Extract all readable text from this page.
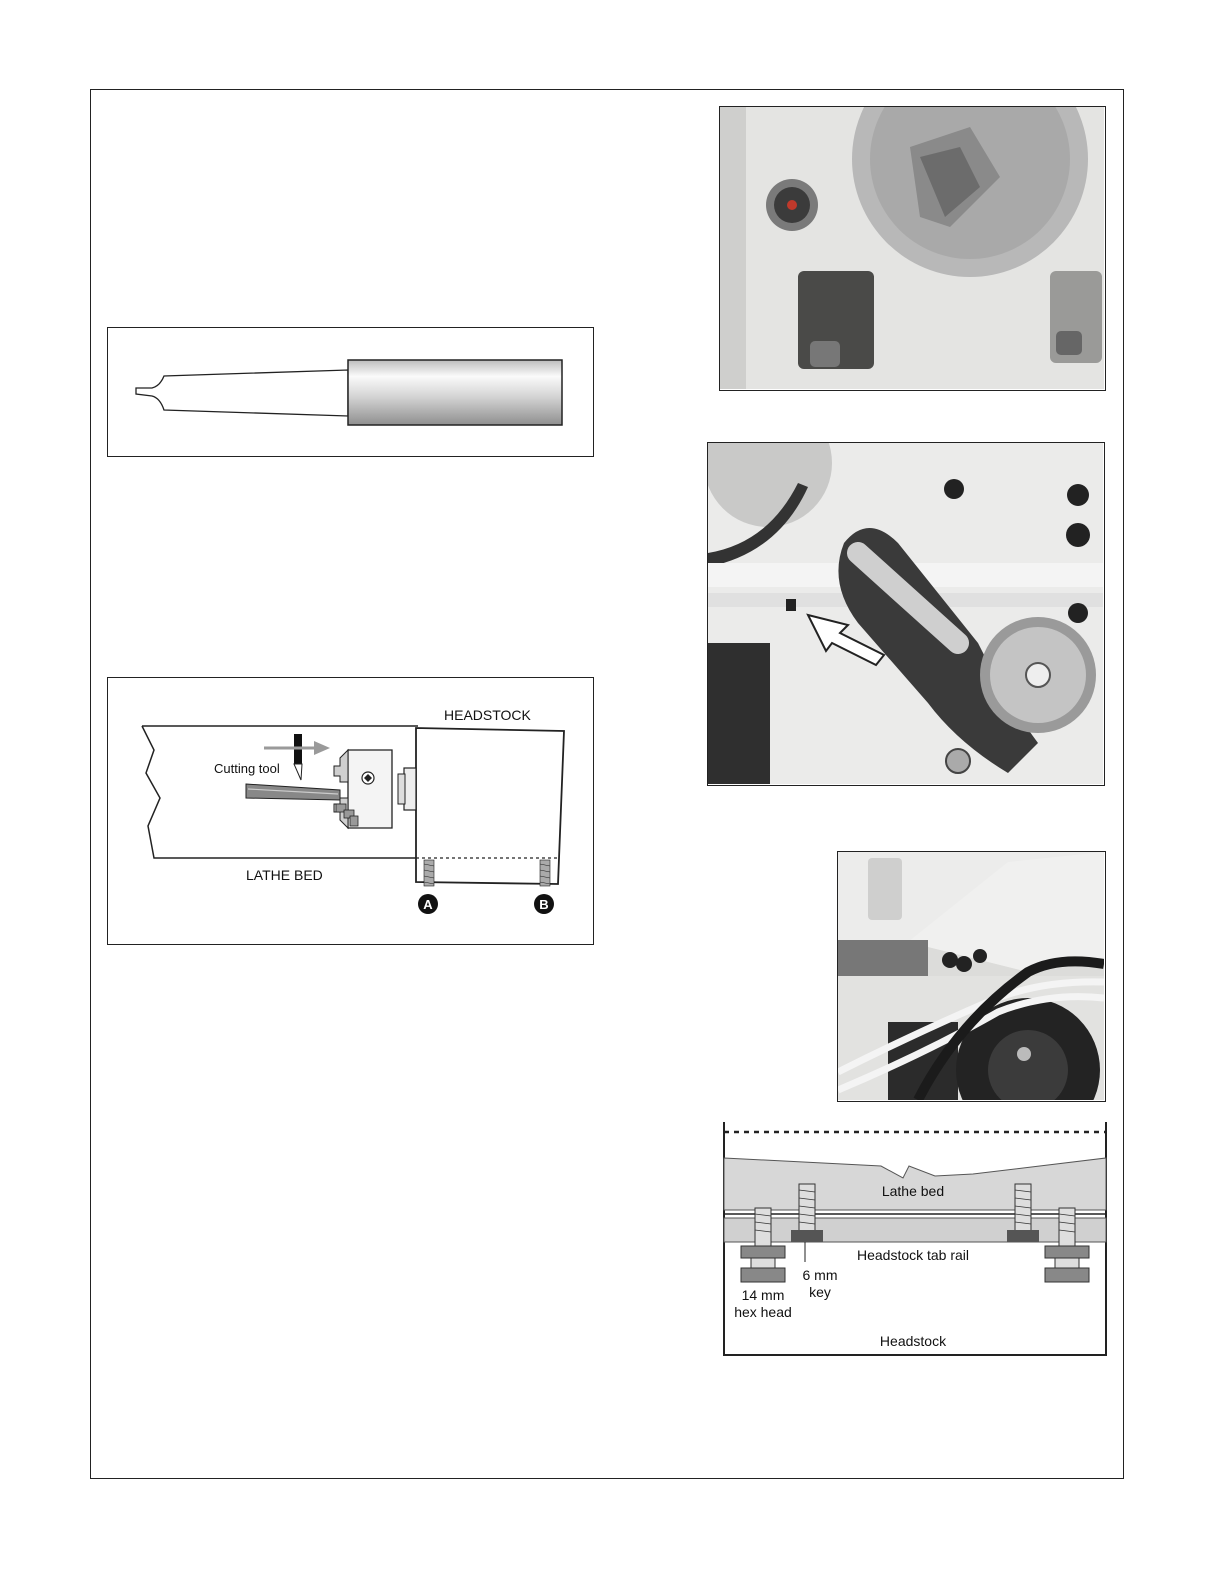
A	B
HEADSTOCK
Cutting tool
LATHE BED
Lathe bed
Headstock tab rail
6 mm
key
14 mm
hex head
Headstock
